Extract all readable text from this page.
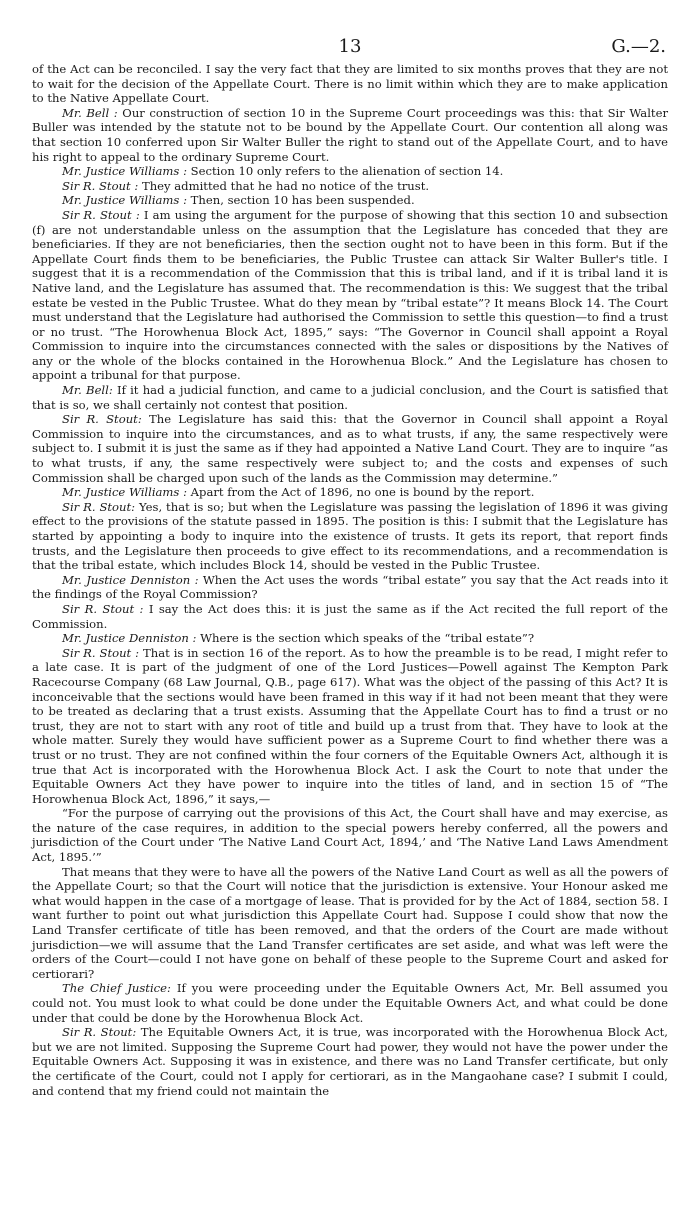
13	G.—2.

of the Act can be reconciled. I say the very fact that they are limited to six months proves that they are not to wait for the decision of the Appellate Court. There is no limit within which they are to make application to the Native Appellate Court.

Mr. Bell : Our construction of section 10 in the Supreme Court proceedings was this: that Sir Walter Buller was intended by the statute not to be bound by the Appellate Court. Our contention all along was that section 10 conferred upon Sir Walter Buller the right to stand out of the Appellate Court, and to have his right to appeal to the ordinary Supreme Court.

Mr. Justice Williams : Section 10 only refers to the alienation of section 14.

Sir R. Stout : They admitted that he had no notice of the trust.

Mr. Justice Williams : Then, section 10 has been suspended.

Sir R. Stout : I am using the argument for the purpose of showing that this section 10 and subsection (f) are not understandable unless on the assumption that the Legislature has conceded that they are beneficiaries. If they are not beneficiaries, then the section ought not to have been in this form. But if the Appellate Court finds them to be beneficiaries, the Public Trustee can attack Sir Walter Buller's title. I suggest that it is a recommendation of the Commission that this is tribal land, and if it is tribal land it is Native land, and the Legislature has assumed that. The recommendation is this: We suggest that the tribal estate be vested in the Public Trustee. What do they mean by “tribal estate”? It means Block 14. The Court must understand that the Legislature had authorised the Commission to settle this question—to find a trust or no trust. “The Horowhenua Block Act, 1895,” says: “The Governor in Council shall appoint a Royal Commission to inquire into the circumstances connected with the sales or dispositions by the Natives of any or the whole of the blocks contained in the Horowhenua Block.” And the Legislature has chosen to appoint a tribunal for that purpose.

Mr. Bell: If it had a judicial function, and came to a judicial conclusion, and the Court is satisfied that that is so, we shall certainly not contest that position.

Sir R. Stout: The Legislature has said this: that the Governor in Council shall appoint a Royal Commission to inquire into the circumstances, and as to what trusts, if any, the same respectively were subject to. I submit it is just the same as if they had appointed a Native Land Court. They are to inquire “as to what trusts, if any, the same respectively were subject to; and the costs and expenses of such Commission shall be charged upon such of the lands as the Commission may determine.”

Mr. Justice Williams : Apart from the Act of 1896, no one is bound by the report.

Sir R. Stout: Yes, that is so; but when the Legislature was passing the legislation of 1896 it was giving effect to the provisions of the statute passed in 1895. The position is this: I submit that the Legislature has started by appointing a body to inquire into the existence of trusts. It gets its report, that report finds trusts, and the Legislature then proceeds to give effect to its recommendations, and a recommendation is that the tribal estate, which includes Block 14, should be vested in the Public Trustee.

Mr. Justice Denniston : When the Act uses the words “tribal estate” you say that the Act reads into it the findings of the Royal Commission?

Sir R. Stout : I say the Act does this: it is just the same as if the Act recited the full report of the Commission.

Mr. Justice Denniston : Where is the section which speaks of the “tribal estate”?

Sir R. Stout : That is in section 16 of the report. As to how the preamble is to be read, I might refer to a late case. It is part of the judgment of one of the Lord Justices—Powell against The Kempton Park Racecourse Company (68 Law Journal, Q.B., page 617). What was the object of the passing of this Act? It is inconceivable that the sections would have been framed in this way if it had not been meant that they were to be treated as declaring that a trust exists. Assuming that the Appellate Court has to find a trust or no trust, they are not to start with any root of title and build up a trust from that. They have to look at the whole matter. Surely they would have sufficient power as a Supreme Court to find whether there was a trust or no trust. They are not confined within the four corners of the Equitable Owners Act, although it is true that Act is incorporated with the Horowhenua Block Act. I ask the Court to note that under the Equitable Owners Act they have power to inquire into the titles of land, and in section 15 of “The Horowhenua Block Act, 1896,” it says,—

“For the purpose of carrying out the provisions of this Act, the Court shall have and may exercise, as the nature of the case requires, in addition to the special powers hereby conferred, all the powers and jurisdiction of the Court under ‘The Native Land Court Act, 1894,’ and ‘The Native Land Laws Amendment Act, 1895.’”

That means that they were to have all the powers of the Native Land Court as well as all the powers of the Appellate Court; so that the Court will notice that the jurisdiction is extensive. Your Honour asked me what would happen in the case of a mortgage of lease. That is provided for by the Act of 1884, section 58. I want further to point out what jurisdiction this Appellate Court had. Suppose I could show that now the Land Transfer certificate of title has been removed, and that the orders of the Court are made without jurisdiction—we will assume that the Land Transfer certificates are set aside, and what was left were the orders of the Court—could I not have gone on behalf of these people to the Supreme Court and asked for certiorari?

The Chief Justice: If you were proceeding under the Equitable Owners Act, Mr. Bell assumed you could not. You must look to what could be done under the Equitable Owners Act, and what could be done under that could be done by the Horowhenua Block Act.

Sir R. Stout: The Equitable Owners Act, it is true, was incorporated with the Horowhenua Block Act, but we are not limited. Supposing the Supreme Court had power, they would not have the power under the Equitable Owners Act. Supposing it was in existence, and there was no Land Transfer certificate, but only the certificate of the Court, could not I apply for certiorari, as in the Mangaohane case? I submit I could, and contend that my friend could not maintain the
